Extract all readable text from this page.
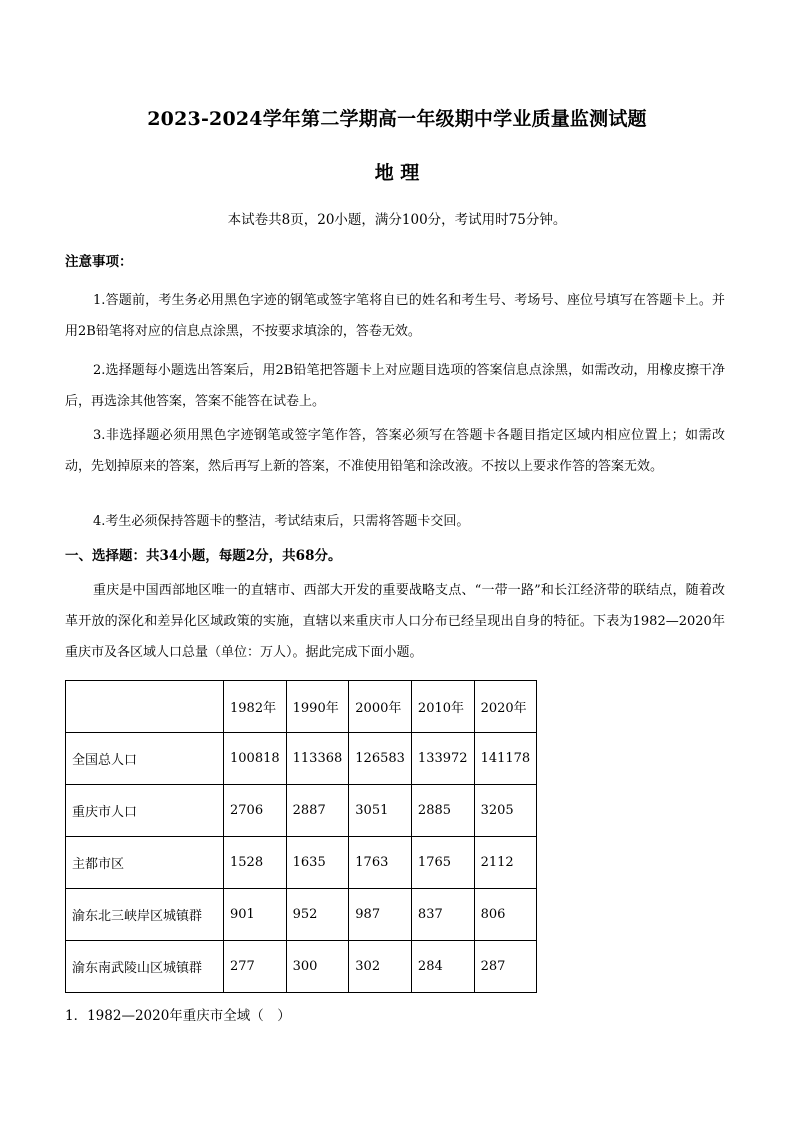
2023-2024学年第二学期高一年级期中学业质量监测试题
地 理
本试卷共8页，20小题，满分100分，考试用时75分钟。
注意事项：
1.答题前，考生务必用黑色字迹的钢笔或签字笔将自已的姓名和考生号、考场号、座位号填写在答题卡上。并用2B铅笔将对应的信息点涂黑，不按要求填涂的，答卷无效。
2.选择题每小题选出答案后，用2B铅笔把答题卡上对应题目选项的答案信息点涂黑，如需改动，用橡皮擦干净后，再选涂其他答案，答案不能答在试卷上。
3.非选择题必须用黑色字迹钢笔或签字笔作答，答案必须写在答题卡各题目指定区域内相应位置上；如需改动，先划掉原来的答案，然后再写上新的答案，不准使用铅笔和涂改液。不按以上要求作答的答案无效。
4.考生必须保持答题卡的整洁，考试结束后，只需将答题卡交回。
一、选择题：共34小题，每题2分，共68分。
重庆是中国西部地区唯一的直辖市、西部大开发的重要战略支点、“一带一路”和长江经济带的联结点，随着改革开放的深化和差异化区域政策的实施，直辖以来重庆市人口分布已经呈现出自身的特征。下表为1982—2020年重庆市及各区域人口总量（单位：万人）。据此完成下面小题。
	1982年	1990年	2000年	2010年	2020年
全国总人口	100818	113368	126583	133972	141178
重庆市人口	2706	2887	3051	2885	3205
主都市区	1528	1635	1763	1765	2112
渝东北三峡岸区城镇群	901	952	987	837	806
渝东南武陵山区城镇群	277	300	302	284	287
1．1982—2020年重庆市全域（　）
